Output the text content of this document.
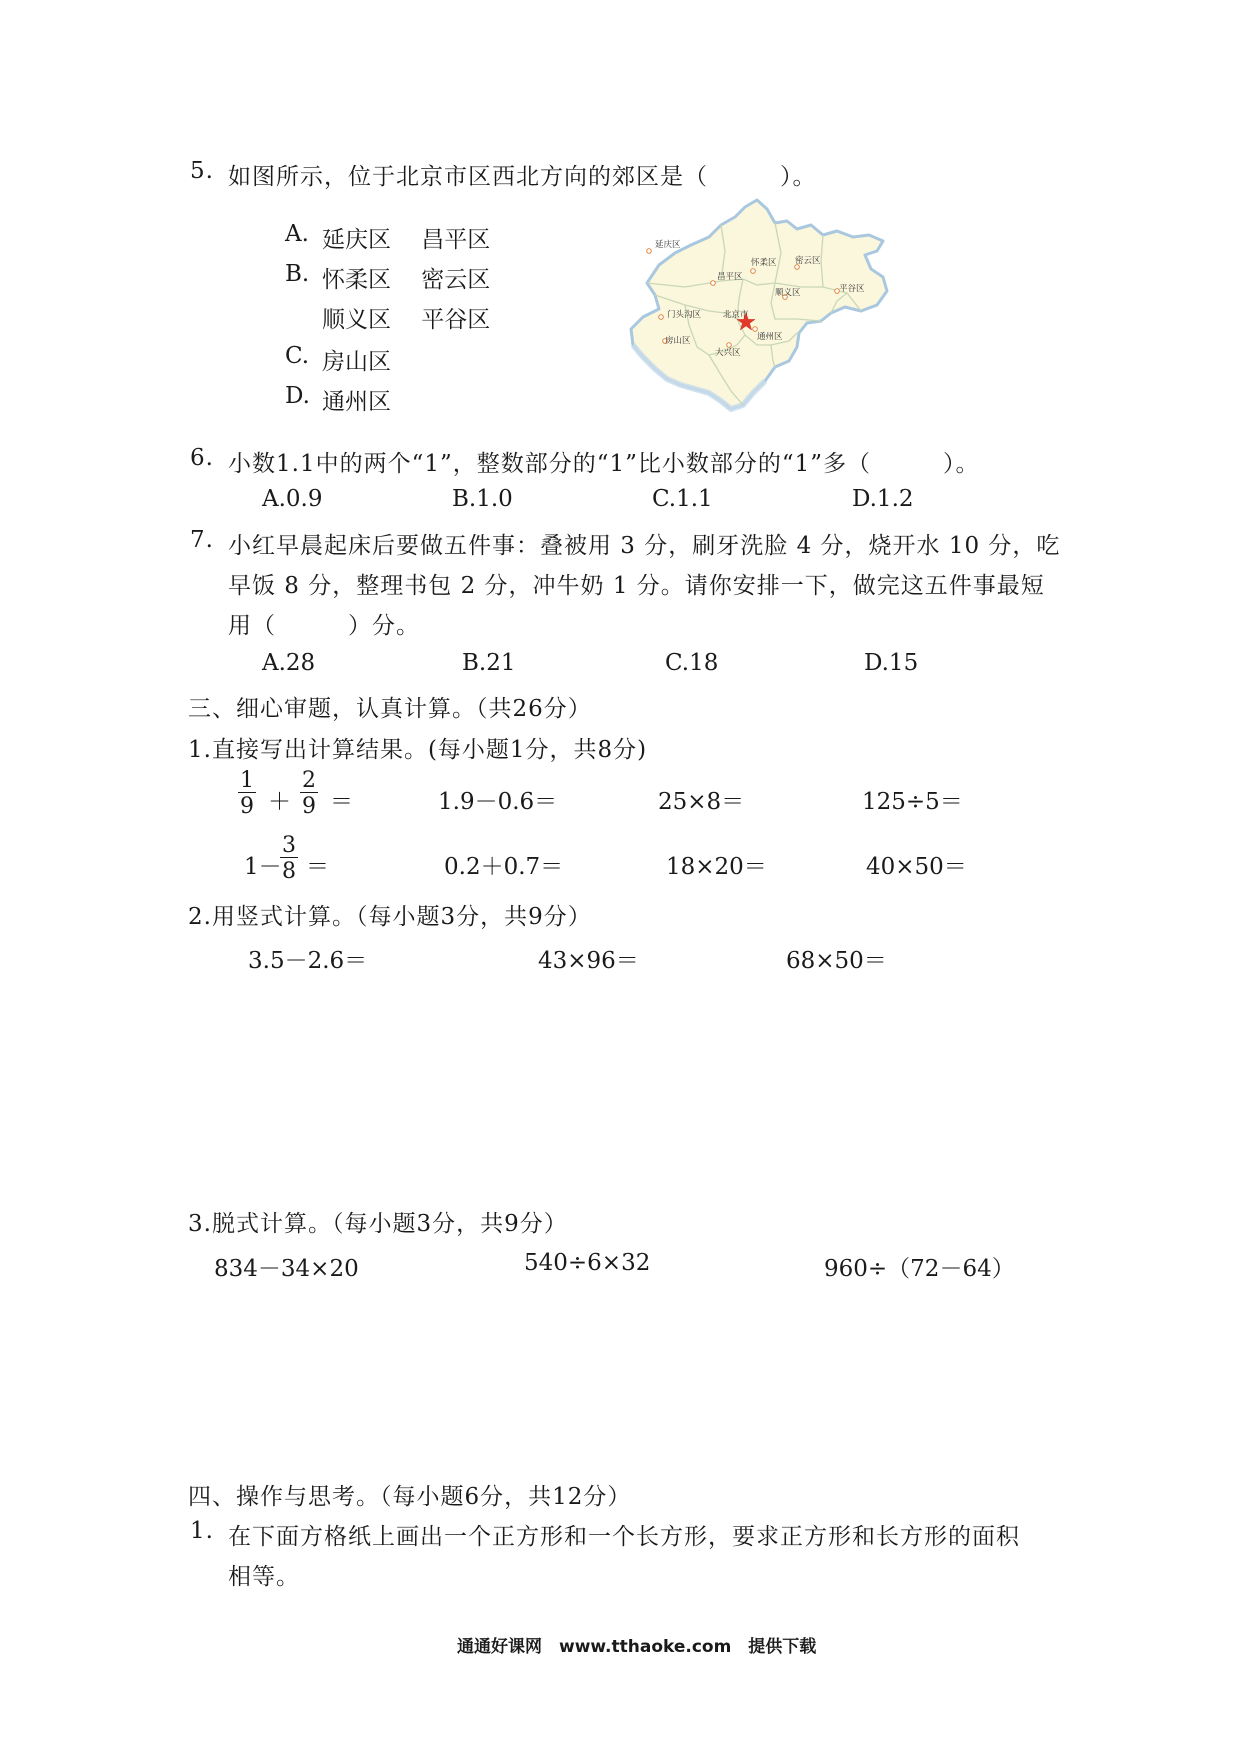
5. 如图所示，位于北京市区西北方向的郊区是（　　　）。
A. 延庆区　 昌平区
B. 怀柔区　 密云区
顺义区　 平谷区
C. 房山区
D. 通州区
延庆区
怀柔区 密云区
昌平区
顺义区	平谷区
门头沟区	北京市
通州区
房山区
大兴区
6. 小数1.1中的两个“1”，整数部分的“1”比小数部分的“1”多（　　　）。
A.0.9	B.1.0	C.1.1	D.1.2
7. 小红早晨起床后要做五件事：叠被用 3 分，刷牙洗脸 4 分，烧开水 10 分，吃
早饭 8 分，整理书包 2 分，冲牛奶 1 分。请你安排一下，做完这五件事最短
用（　　　）分。
A.28	B.21	C.18	D.15
三、细心审题，认真计算。（共26分）
1.直接写出计算结果。(每小题1分，共8分)
$\frac{1}{9} + \frac{2}{9}$ ＝	1.9－0.6＝	25×8＝	125÷5＝
1－
$\frac{3}{8}$ ＝	0.2＋0.7＝	18×20＝	40×50＝
2.用竖式计算。（每小题3分，共9分）
3.5－2.6＝	43×96＝	68×50＝
3.脱式计算。（每小题3分，共9分）
834－34×20	540÷6×32	960÷（72－64）
四、操作与思考。（每小题6分，共12分）
1. 在下面方格纸上画出一个正方形和一个长方形，要求正方形和长方形的面积
相等。
通通好课网　www.tthaoke.com　提供下载
